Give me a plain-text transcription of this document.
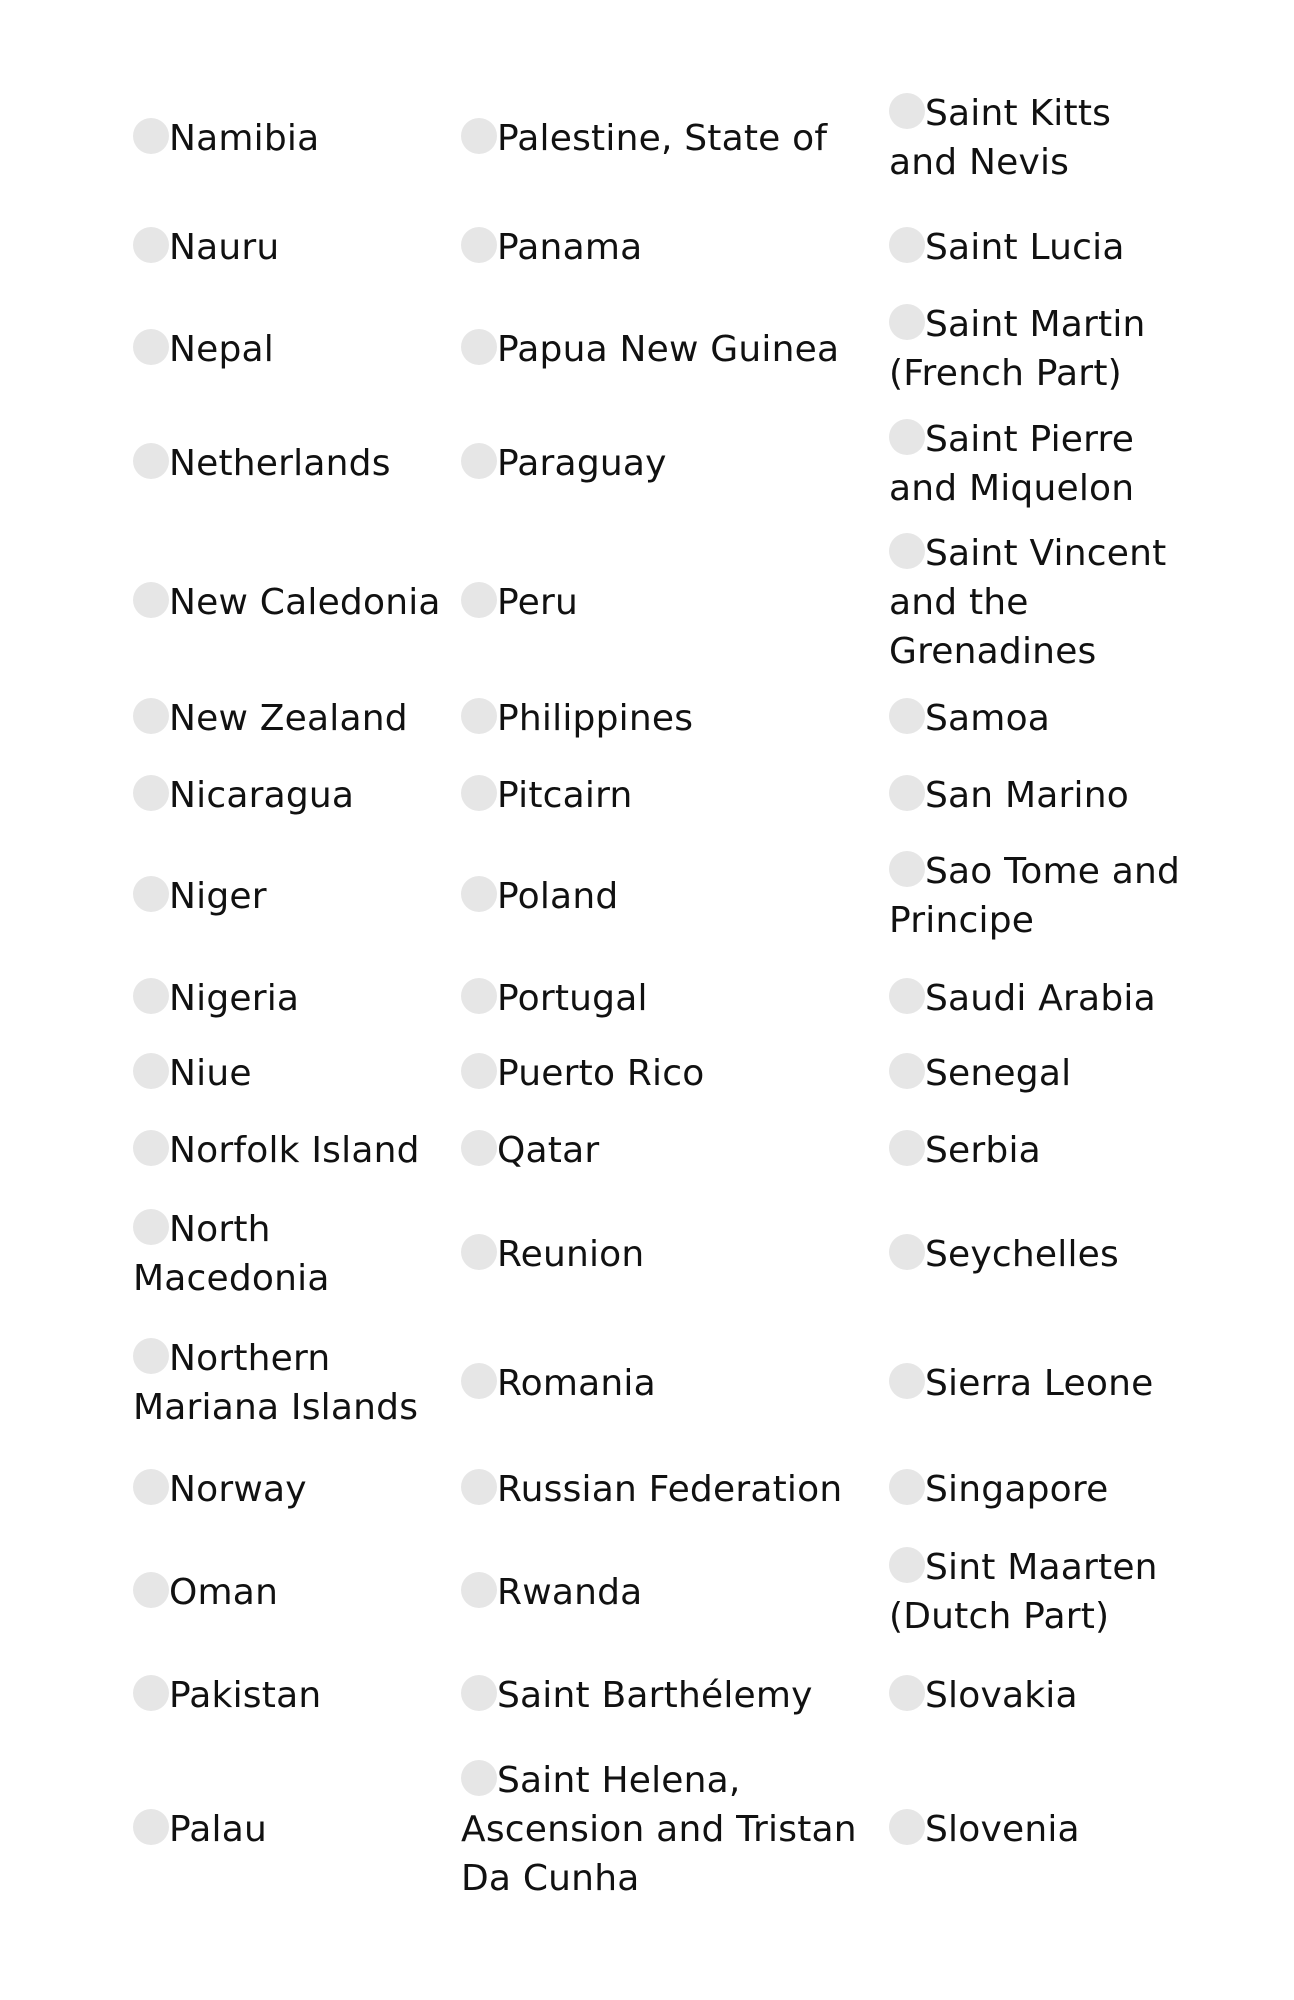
Namibia
Nauru
Nepal
Netherlands
New Caledonia
New Zealand
Nicaragua
Niger
Nigeria
Niue
Norfolk Island
North Macedonia
Northern Mariana Islands
Norway
Oman
Pakistan
Palau
Palestine, State of
Panama
Papua New Guinea
Paraguay
Peru
Philippines
Pitcairn
Poland
Portugal
Puerto Rico
Qatar
Reunion
Romania
Russian Federation
Rwanda
Saint Barthélemy
Saint Helena, Ascension and Tristan Da Cunha
Saint Kitts and Nevis
Saint Lucia
Saint Martin (French Part)
Saint Pierre and Miquelon
Saint Vincent and the Grenadines
Samoa
San Marino
Sao Tome and Principe
Saudi Arabia
Senegal
Serbia
Seychelles
Sierra Leone
Singapore
Sint Maarten (Dutch Part)
Slovakia
Slovenia
